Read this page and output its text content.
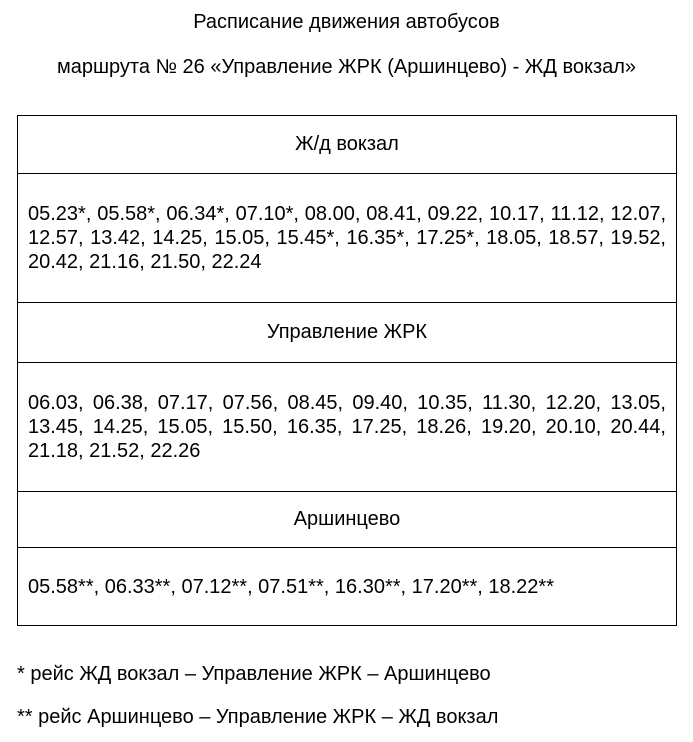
Расписание движения автобусов
маршрута № 26 «Управление ЖРК (Аршинцево) - ЖД вокзал»
Ж/д вокзал
05.23*, 05.58*, 06.34*, 07.10*, 08.00, 08.41, 09.22, 10.17, 11.12, 12.07, 12.57, 13.42, 14.25, 15.05, 15.45*, 16.35*, 17.25*, 18.05, 18.57, 19.52, 20.42, 21.16, 21.50, 22.24
Управление ЖРК
06.03, 06.38, 07.17, 07.56, 08.45, 09.40, 10.35, 11.30, 12.20, 13.05, 13.45, 14.25, 15.05, 15.50, 16.35, 17.25, 18.26, 19.20, 20.10, 20.44, 21.18, 21.52, 22.26
Аршинцево
05.58**, 06.33**, 07.12**, 07.51**, 16.30**, 17.20**, 18.22**
* рейс ЖД вокзал – Управление ЖРК – Аршинцево
** рейс Аршинцево – Управление ЖРК – ЖД вокзал
